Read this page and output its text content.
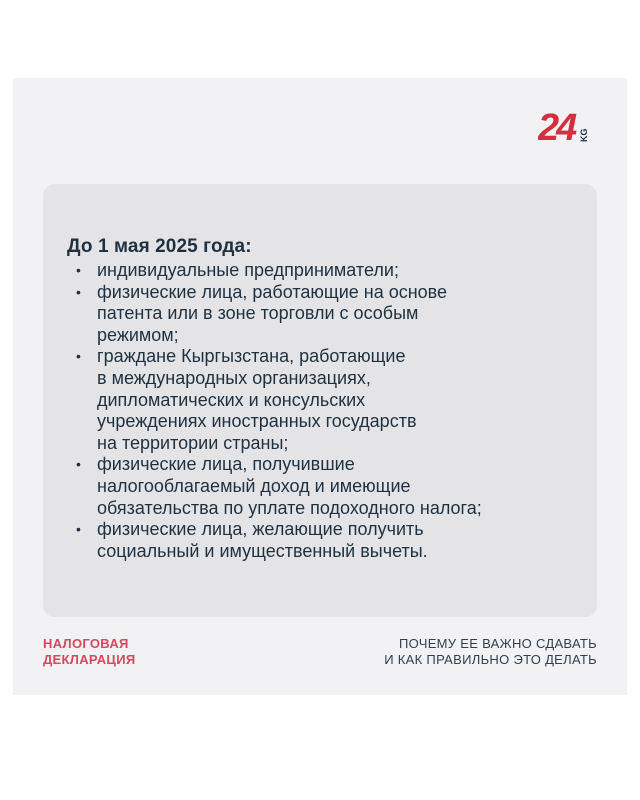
24 KG
До 1 мая 2025 года:
• индивидуальные предприниматели;
• физические лица, работающие на основе
патента или в зоне торговли с особым
режимом;
• граждане Кыргызстана, работающие
в международных организациях,
дипломатических и консульских
учреждениях иностранных государств
на территории страны;
• физические лица, получившие
налогооблагаемый доход и имеющие
обязательства по уплате подоходного налога;
• физические лица, желающие получить
социальный и имущественный вычеты.
НАЛОГОВАЯ
ДЕКЛАРАЦИЯ
ПОЧЕМУ ЕЕ ВАЖНО СДАВАТЬ
И КАК ПРАВИЛЬНО ЭТО ДЕЛАТЬ
